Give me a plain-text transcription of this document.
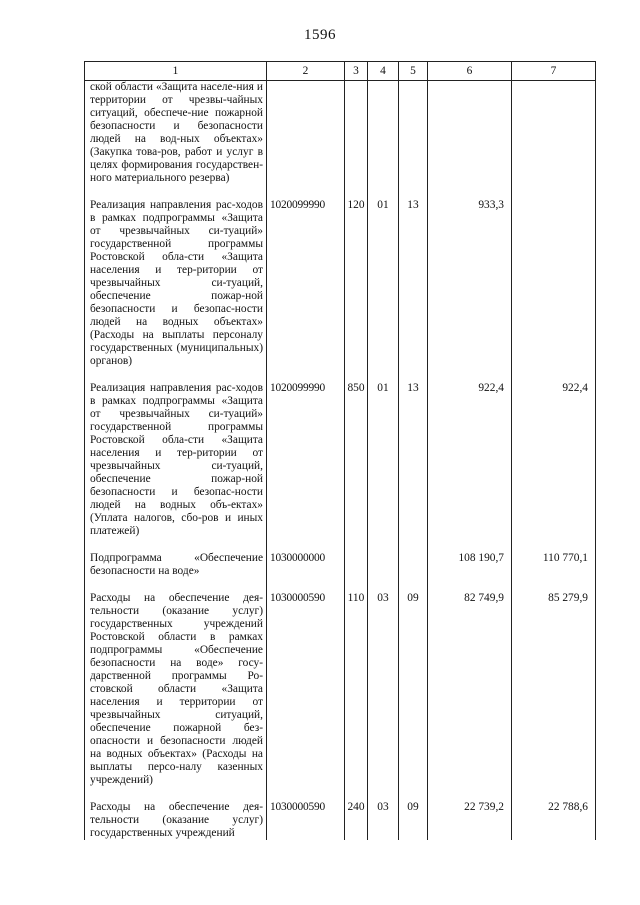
1596
1	2	3	4	5	6	7
ской области «Защита населе-ния и территории от чрезвы-чайных ситуаций, обеспече-ние пожарной безопасности и безопасности людей на вод-ных объектах» (Закупка това-ров, работ и услуг в целях формирования государствен-ного материального резерва)						
Реализация направления рас-ходов в рамках подпрограммы «Защита от чрезвычайных си-туаций» государственной программы Ростовской обла-сти «Защита населения и тер-ритории от чрезвычайных си-туаций, обеспечение пожар-ной безопасности и безопас-ности людей на водных объектах» (Расходы на выплаты персоналу государственных (муниципальных) органов)	1020099990	120	01	13	933,3	
Реализация направления рас-ходов в рамках подпрограммы «Защита от чрезвычайных си-туаций» государственной программы Ростовской обла-сти «Защита населения и тер-ритории от чрезвычайных си-туаций, обеспечение пожар-ной безопасности и безопас-ности людей на водных объ-ектах» (Уплата налогов, сбо-ров и иных платежей)	1020099990	850	01	13	922,4	922,4
Подпрограмма «Обеспечение безопасности на воде»	1030000000				108 190,7	110 770,1
Расходы на обеспечение дея-тельности (оказание услуг) государственных учреждений Ростовской области в рамках подпрограммы «Обеспечение безопасности на воде» госу-дарственной программы Ро-стовской области «Защита населения и территории от чрезвычайных ситуаций, обеспечение пожарной без-опасности и безопасности людей на водных объектах» (Расходы на выплаты персо-налу казенных учреждений)	1030000590	110	03	09	82 749,9	85 279,9
Расходы на обеспечение дея-тельности (оказание услуг) государственных учреждений	1030000590	240	03	09	22 739,2	22 788,6
